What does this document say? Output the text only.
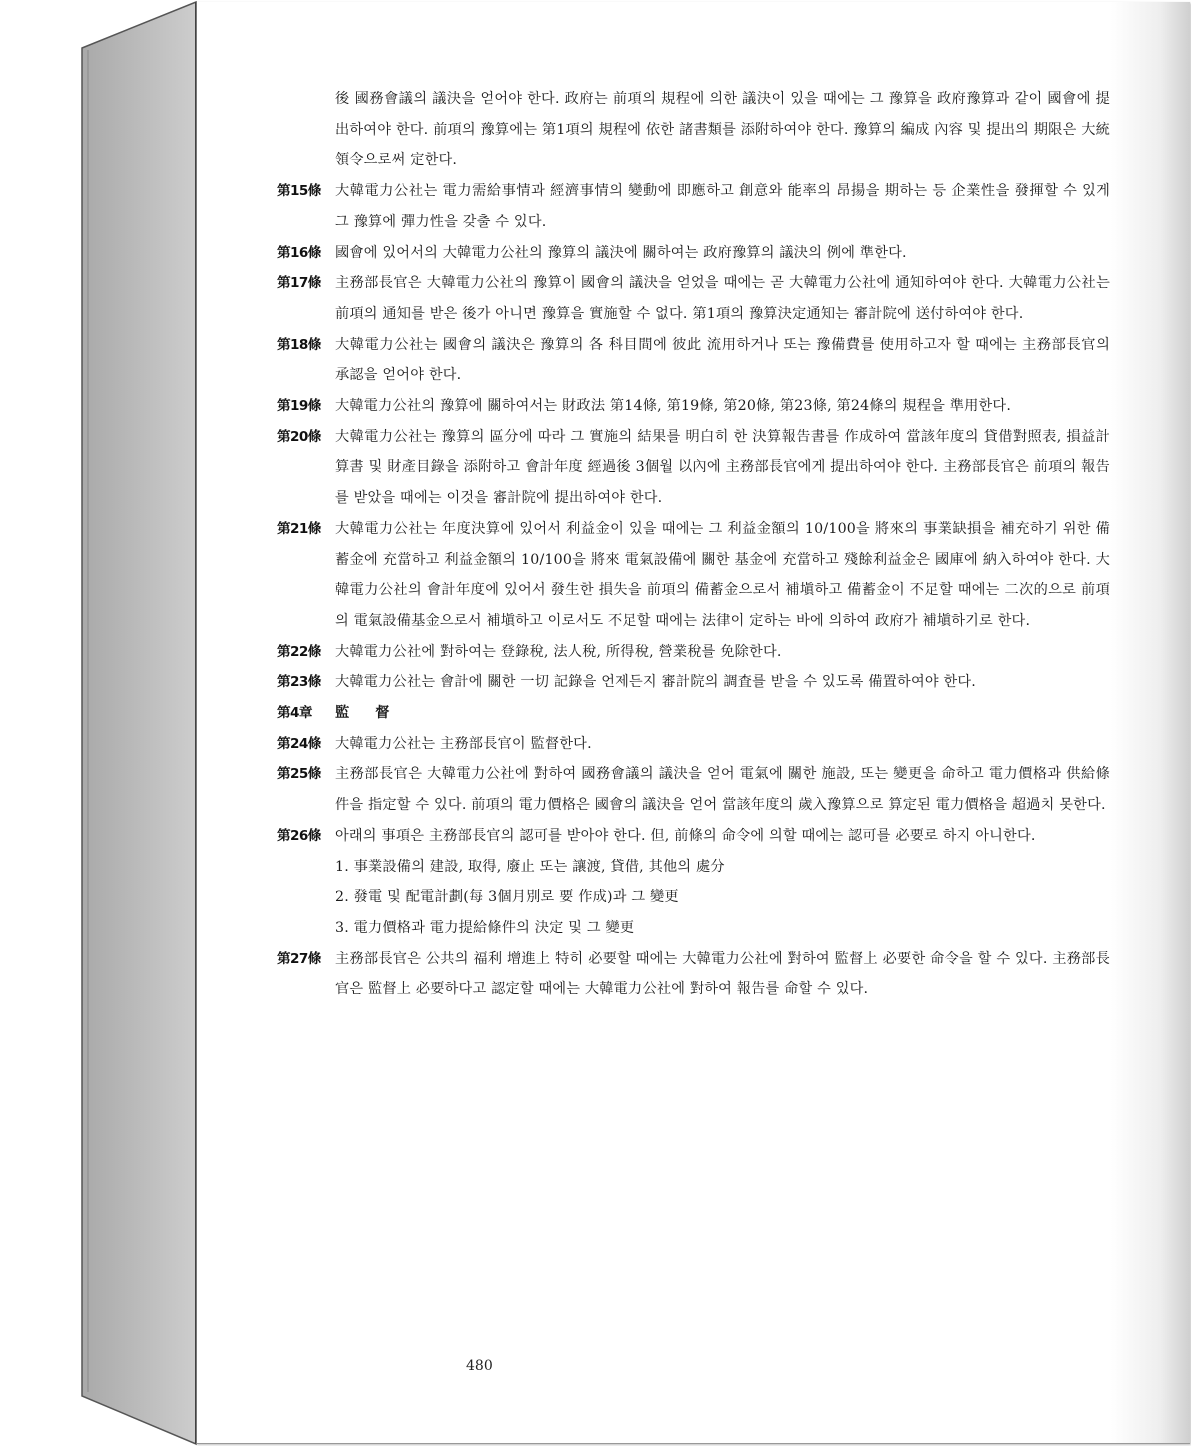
後 國務會議의 議決을 얻어야 한다. 政府는 前項의 規程에 의한 議決이 있을 때에는 그 豫算을 政府豫算과 같이 國會에 提出하여야 한다. 前項의 豫算에는 第1項의 規程에 依한 諸書類를 添附하여야 한다. 豫算의 編成 內容 및 提出의 期限은 大統領令으로써 定한다.
第15條	大韓電力公社는 電力需給事情과 經濟事情의 變動에 即應하고 創意와 能率의 昂揚을 期하는 등 企業性을 發揮할 수 있게 그 豫算에 彈力性을 갖출 수 있다.
第16條	國會에 있어서의 大韓電力公社의 豫算의 議決에 關하여는 政府豫算의 議決의 例에 準한다.
第17條	主務部長官은 大韓電力公社의 豫算이 國會의 議決을 얻었을 때에는 곧 大韓電力公社에 通知하여야 한다. 大韓電力公社는 前項의 通知를 받은 後가 아니면 豫算을 實施할 수 없다. 第1項의 豫算決定通知는 審計院에 送付하여야 한다.
第18條	大韓電力公社는 國會의 議決은 豫算의 各 科目間에 彼此 流用하거나 또는 豫備費를 使用하고자 할 때에는 主務部長官의 承認을 얻어야 한다.
第19條	大韓電力公社의 豫算에 關하여서는 財政法 第14條, 第19條, 第20條, 第23條, 第24條의 規程을 準用한다.
第20條	大韓電力公社는 豫算의 區分에 따라 그 實施의 結果를 明白히 한 決算報告書를 作成하여 當該年度의 貸借對照表, 損益計算書 및 財產目錄을 添附하고 會計年度 經過後 3個월 以內에 主務部長官에게 提出하여야 한다. 主務部長官은 前項의 報告를 받았을 때에는 이것을 審計院에 提出하여야 한다.
第21條	大韓電力公社는 年度決算에 있어서 利益金이 있을 때에는 그 利益金額의 10/100을 將來의 事業缺損을 補充하기 위한 備蓄金에 充當하고 利益金額의 10/100을 將來 電氣設備에 關한 基金에 充當하고 殘餘利益金은 國庫에 納入하여야 한다. 大韓電力公社의 會計年度에 있어서 發生한 損失을 前項의 備蓄金으로서 補塡하고 備蓄金이 不足할 때에는 二次的으로 前項의 電氣設備基金으로서 補塡하고 이로서도 不足할 때에는 法律이 定하는 바에 의하여 政府가 補塡하기로 한다.
第22條	大韓電力公社에 對하여는 登錄稅, 法人稅, 所得稅, 營業稅를 免除한다.
第23條	大韓電力公社는 會計에 關한 一切 記錄을 언제든지 審計院의 調査를 받을 수 있도록 備置하여야 한다.
第4章	監督
第24條	大韓電力公社는 主務部長官이 監督한다.
第25條	主務部長官은 大韓電力公社에 對하여 國務會議의 議決을 얻어 電氣에 關한 施設, 또는 變更을 命하고 電力價格과 供給條件을 指定할 수 있다. 前項의 電力價格은 國會의 議決을 얻어 當該年度의 歲入豫算으로 算定된 電力價格을 超過치 못한다.
第26條	아래의 事項은 主務部長官의 認可를 받아야 한다. 但, 前條의 命令에 의할 때에는 認可를 必要로 하지 아니한다.
1. 事業設備의 建設, 取得, 廢止 또는 讓渡, 貸借, 其他의 處分
2. 發電 및 配電計劃(每 3個月別로 要 作成)과 그 變更
3. 電力價格과 電力提給條件의 決定 및 그 變更
第27條	主務部長官은 公共의 福利 增進上 特히 必要할 때에는 大韓電力公社에 對하여 監督上 必要한 命令을 할 수 있다. 主務部長官은 監督上 必要하다고 認定할 때에는 大韓電力公社에 對하여 報告를 命할 수 있다.
480
